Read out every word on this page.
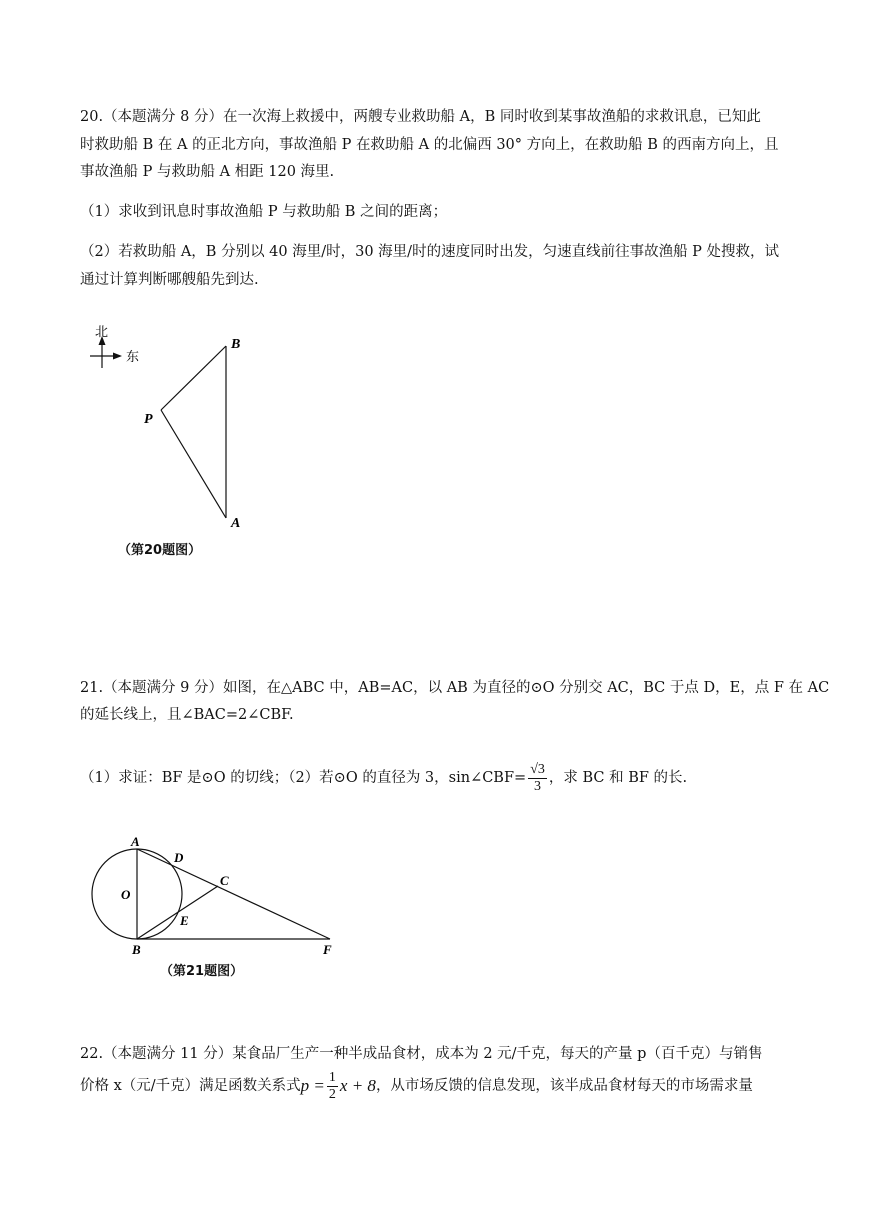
20.（本题满分 8 分）在一次海上救援中，两艘专业救助船 A，B 同时收到某事故渔船的求救讯息，已知此
时救助船 B 在 A 的正北方向，事故渔船 P 在救助船 A 的北偏西 30° 方向上，在救助船 B 的西南方向上，且
事故渔船 P 与救助船 A 相距 120 海里.
（1）求收到讯息时事故渔船 P 与救助船 B 之间的距离；
（2）若救助船 A，B 分别以 40 海里/时，30 海里/时的速度同时出发，匀速直线前往事故渔船 P 处搜救，试
通过计算判断哪艘船先到达.
北
东
B
P
A
（第20题图）
21.（本题满分 9 分）如图，在△ABC 中，AB=AC，以 AB 为直径的⊙O 分别交 AC，BC 于点 D，E，点 F 在 AC
的延长线上，且∠BAC=2∠CBF.
（1）求证：BF 是⊙O 的切线；（2）若⊙O 的直径为 3，sin∠CBF= $\frac{√3}{3}$ ，求 BC 和 BF 的长.
A
D
C
O
E
B	F
（第21题图）
22.（本题满分 11 分）某食品厂生产一种半成品食材，成本为 2 元/千克，每天的产量 p（百千克）与销售
价格 x（元/千克）满足函数关系式 $p = \frac{1}{2}$ x + 8 ，从市场反馈的信息发现，该半成品食材每天的市场需求量
